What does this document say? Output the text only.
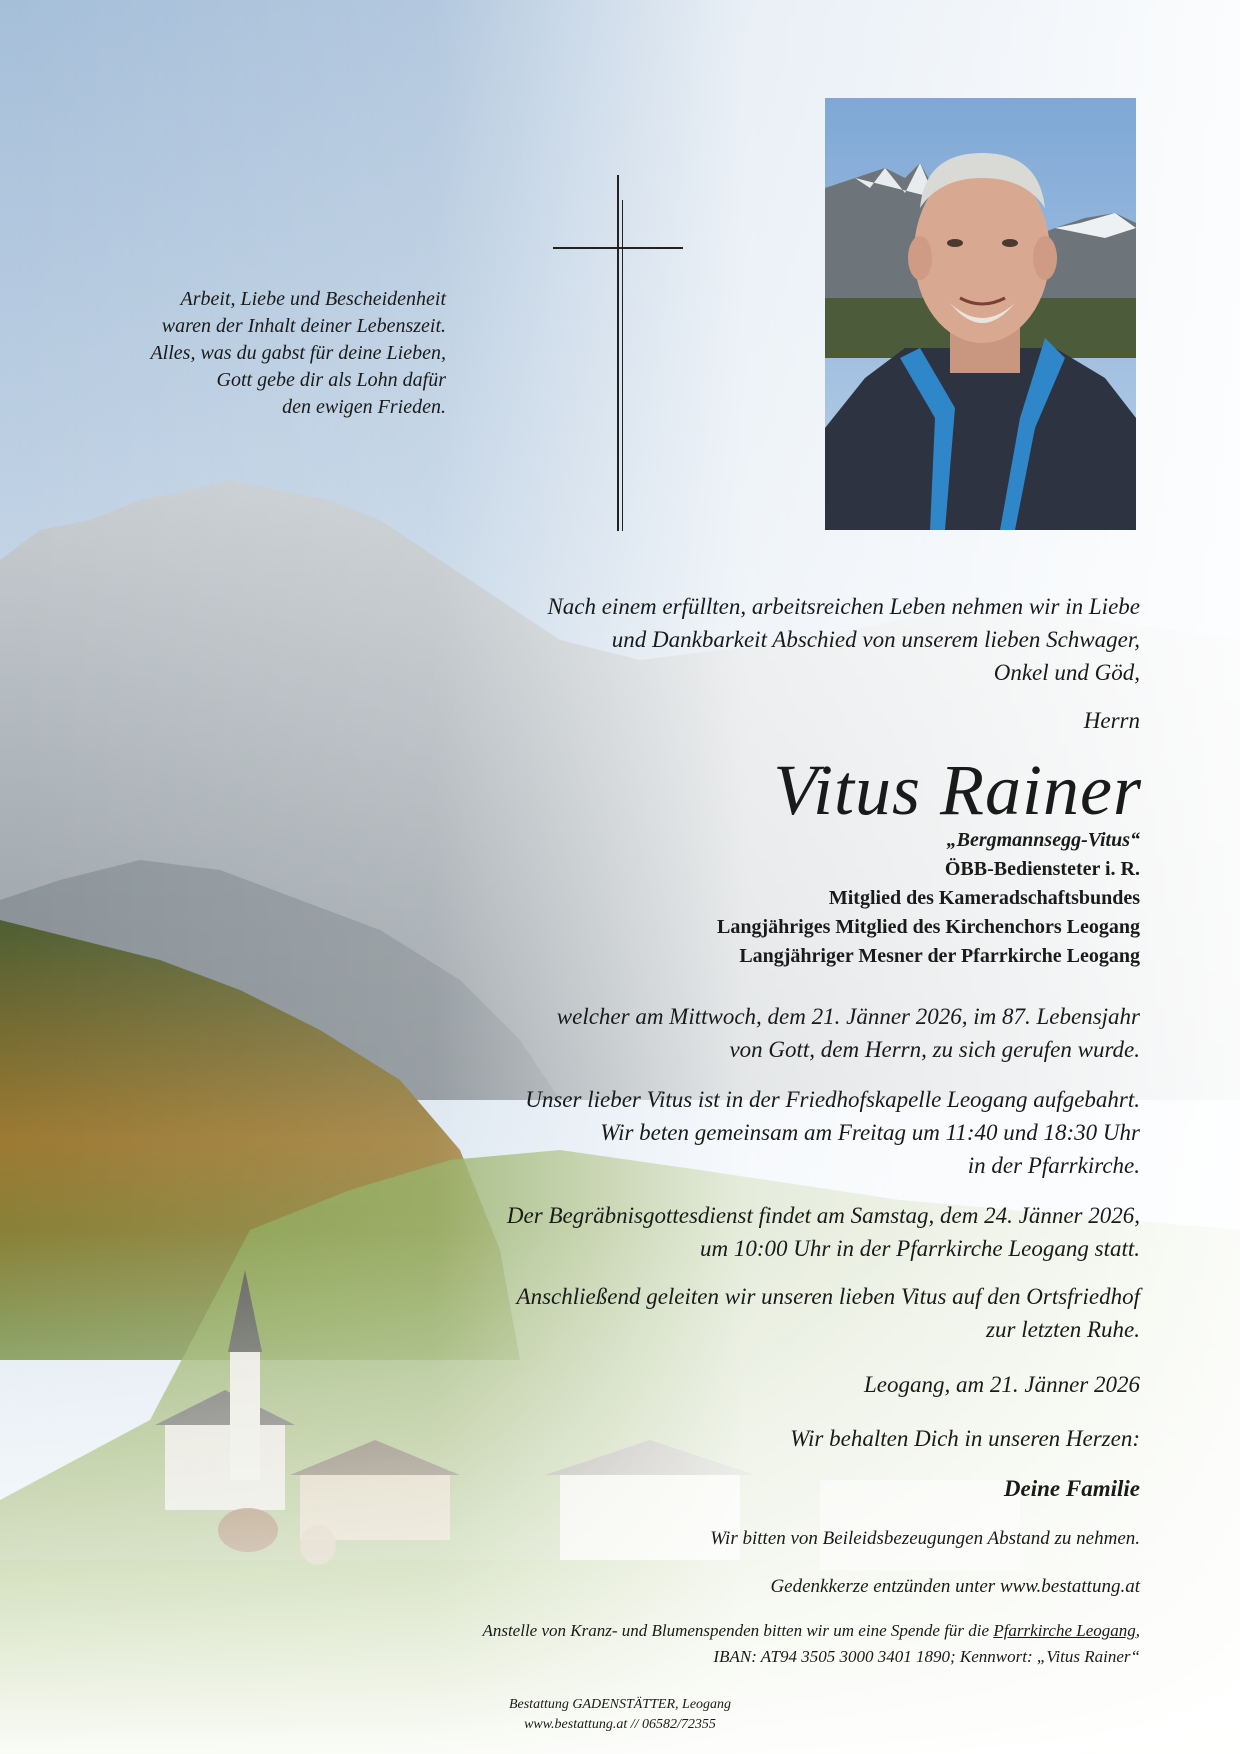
Arbeit, Liebe und Bescheidenheit
waren der Inhalt deiner Lebenszeit.
Alles, was du gabst für deine Lieben,
Gott gebe dir als Lohn dafür
den ewigen Frieden.
Nach einem erfüllten, arbeitsreichen Leben nehmen wir in Liebe
und Dankbarkeit Abschied von unserem lieben Schwager,
Onkel und Göd,
Herrn
Vitus Rainer
„Bergmannsegg-Vitus“
ÖBB-Bediensteter i. R.
Mitglied des Kameradschaftsbundes
Langjähriges Mitglied des Kirchenchors Leogang
Langjähriger Mesner der Pfarrkirche Leogang
welcher am Mittwoch, dem 21. Jänner 2026, im 87. Lebensjahr
von Gott, dem Herrn, zu sich gerufen wurde.
Unser lieber Vitus ist in der Friedhofskapelle Leogang aufgebahrt.
Wir beten gemeinsam am Freitag um 11:40 und 18:30 Uhr
in der Pfarrkirche.
Der Begräbnisgottesdienst findet am Samstag, dem 24. Jänner 2026,
um 10:00 Uhr in der Pfarrkirche Leogang statt.
Anschließend geleiten wir unseren lieben Vitus auf den Ortsfriedhof
zur letzten Ruhe.
Leogang, am 21. Jänner 2026
Wir behalten Dich in unseren Herzen:
Deine Familie
Wir bitten von Beileidsbezeugungen Abstand zu nehmen.
Gedenkkerze entzünden unter www.bestattung.at
Anstelle von Kranz- und Blumenspenden bitten wir um eine Spende für die Pfarrkirche Leogang,
IBAN: AT94 3505 3000 3401 1890; Kennwort: „Vitus Rainer“
Bestattung GADENSTÄTTER, Leogang
www.bestattung.at // 06582/72355
